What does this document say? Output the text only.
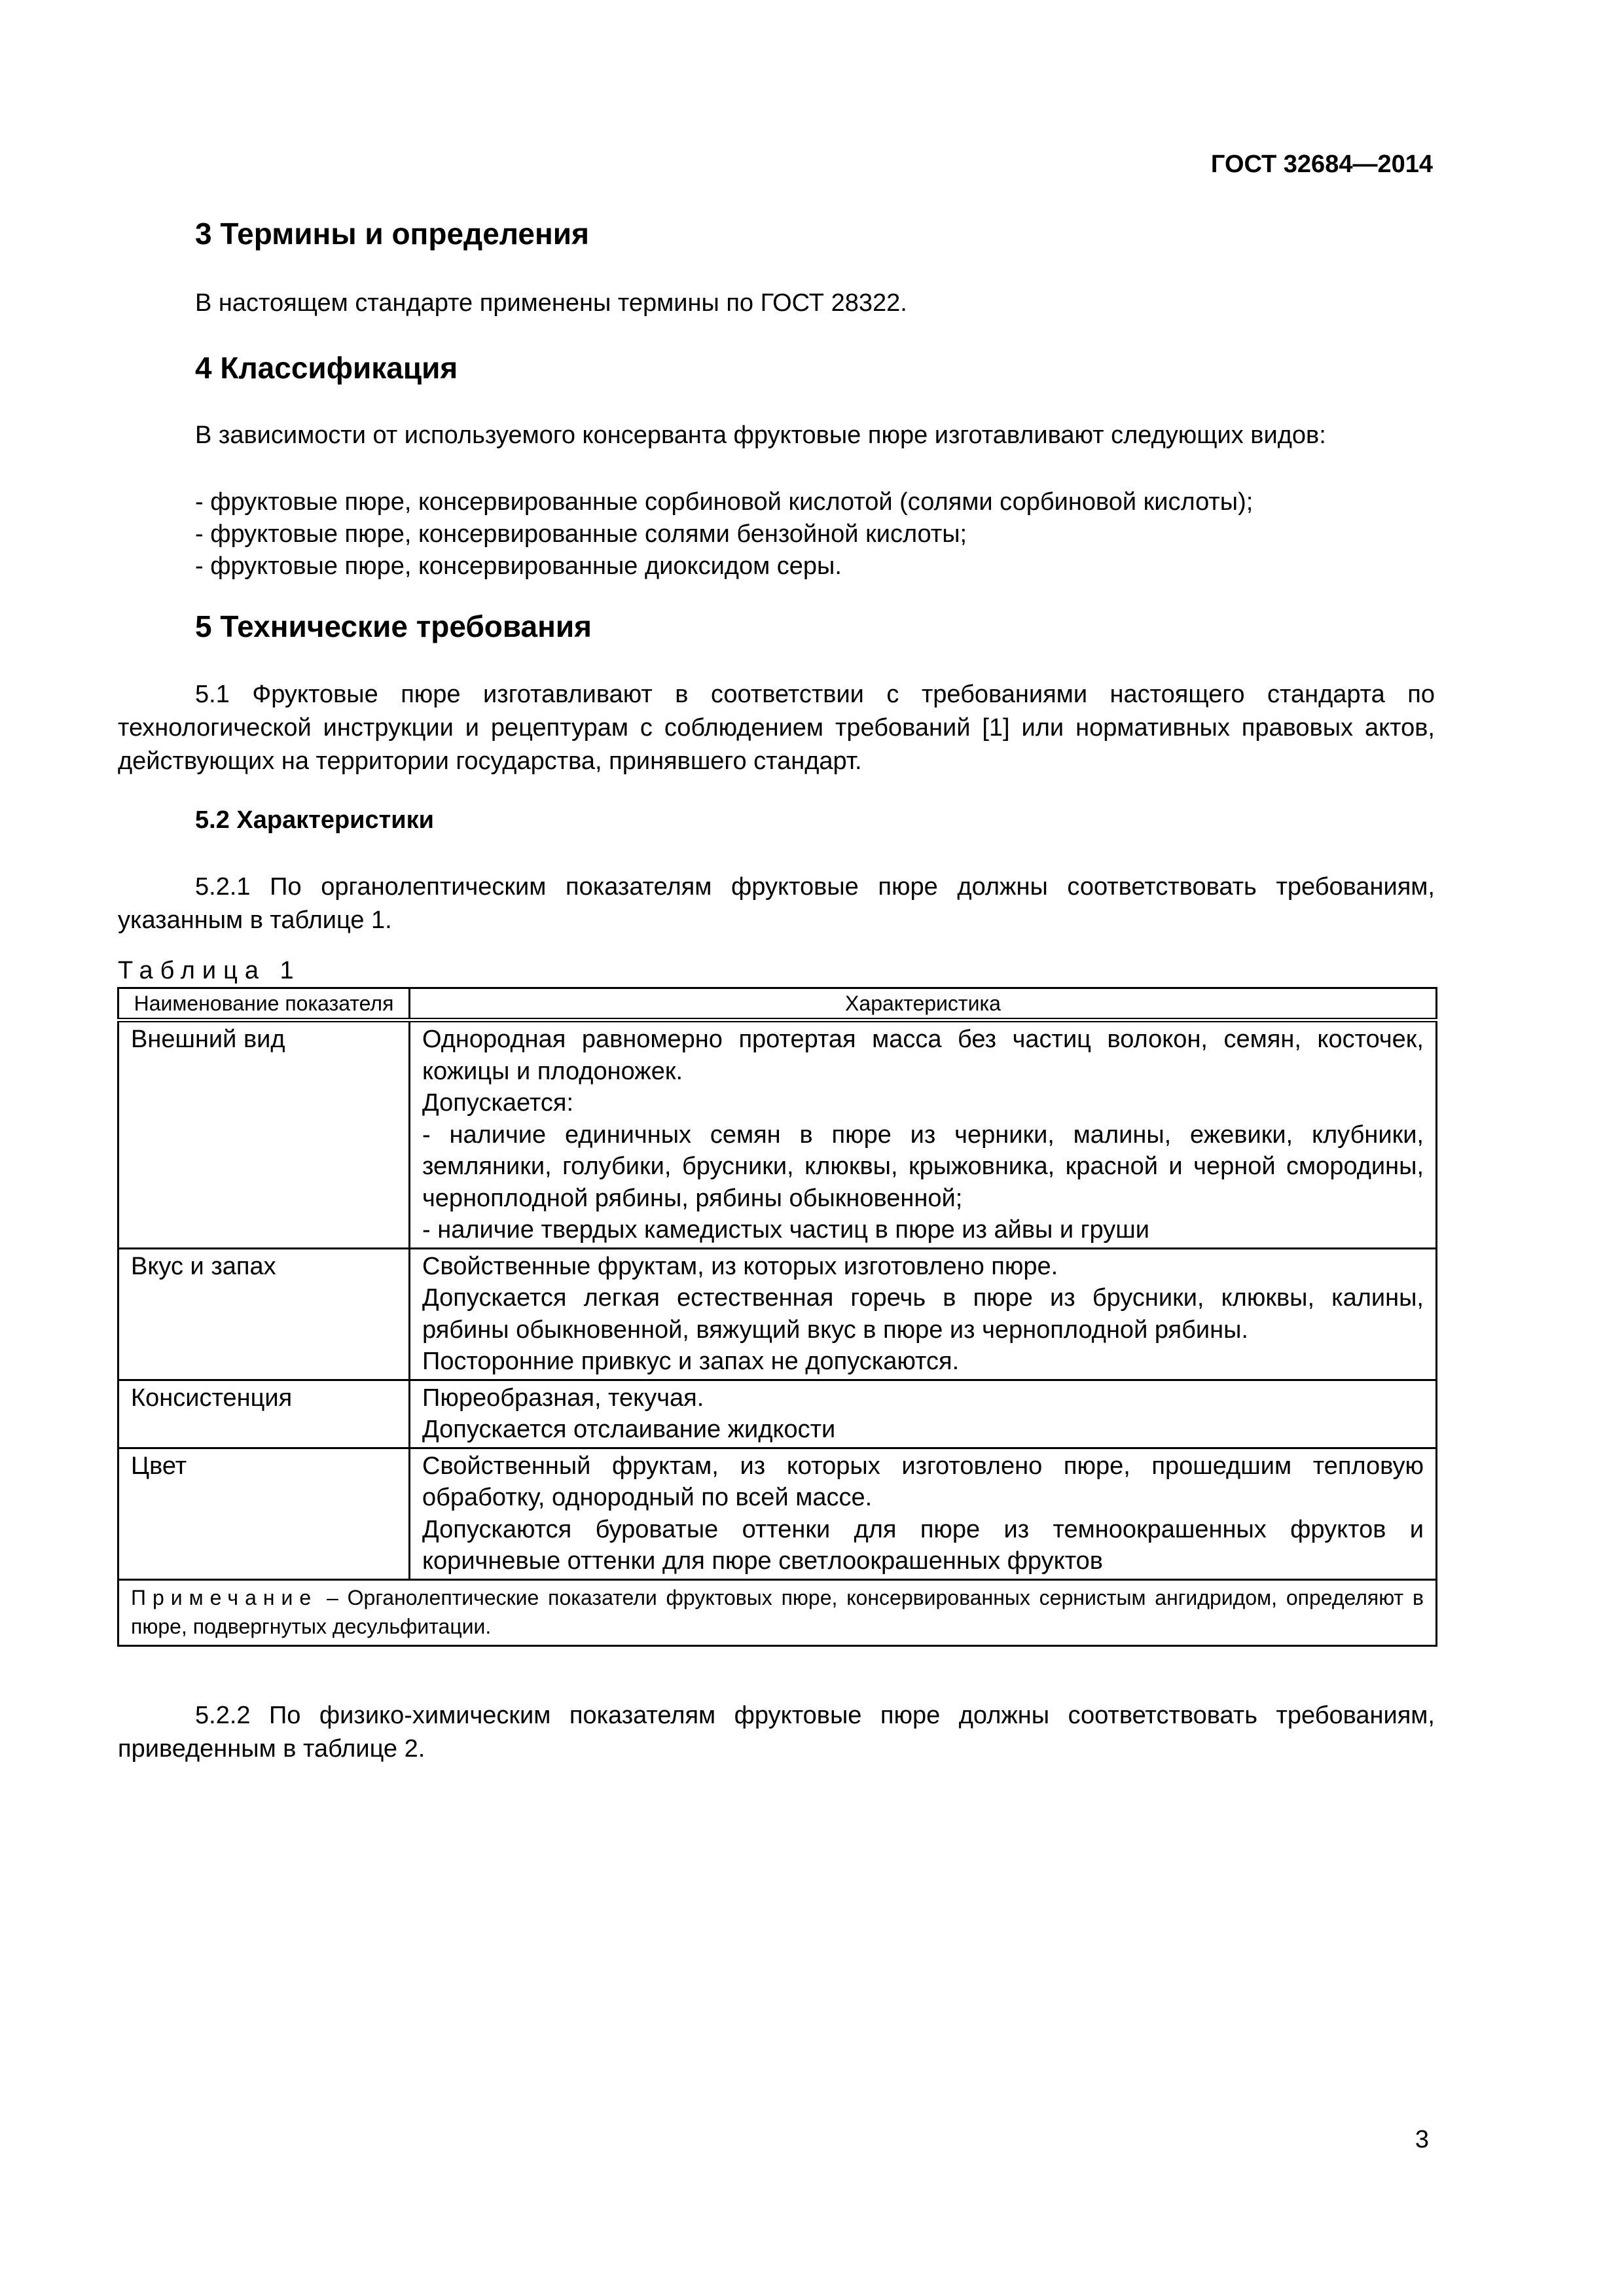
ГОСТ 32684—2014
3 Термины и определения
В настоящем стандарте применены термины по ГОСТ 28322.
4 Классификация

В зависимости от используемого консерванта фруктовые пюре изготавливают следующих видов:

- фруктовые пюре, консервированные сорбиновой кислотой (солями сорбиновой кислоты);
- фруктовые пюре, консервированные солями бензойной кислоты;
- фруктовые пюре, консервированные диоксидом серы.
5 Технические требования

5.1 Фруктовые пюре изготавливают в соответствии с требованиями настоящего стандарта по технологической инструкции и рецептурам с соблюдением требований [1] или нормативных правовых актов, действующих на территории государства, принявшего стандарт.

5.2 Характеристики

5.2.1 По органолептическим показателям фруктовые пюре должны соответствовать требованиям, указанным в таблице 1.

Таблица 1
Наименование показателя	Характеристика
Внешний вид	Однородная равномерно протертая масса без частиц волокон, семян, косточек, кожицы и плодоножек.
Допускается:
- наличие единичных семян в пюре из черники, малины, ежевики, клубники, земляники, голубики, брусники, клюквы, крыжовника, красной и черной смородины, черноплодной рябины, рябины обыкновенной;
- наличие твердых камедистых частиц в пюре из айвы и груши

Вкус и запах	Свойственные фруктам, из которых изготовлено пюре.
Допускается легкая естественная горечь в пюре из брусники, клюквы, калины, рябины обыкновенной, вяжущий вкус в пюре из черноплодной рябины.
Посторонние привкус и запах не допускаются.

Консистенция	Пюреобразная, текучая.
Допускается отслаивание жидкости

Цвет	Свойственный фруктам, из которых изготовлено пюре, прошедшим тепловую обработку, однородный по всей массе.
Допускаются буроватые оттенки для пюре из темноокрашенных фруктов и коричневые оттенки для пюре светлоокрашенных фруктов

Примечание – Органолептические показатели фруктовых пюре, консервированных сернистым ангидридом, определяют в пюре, подвергнутых десульфитации.	

5.2.2 По физико-химическим показателям фруктовые пюре должны соответствовать требованиям, приведенным в таблице 2.

3
